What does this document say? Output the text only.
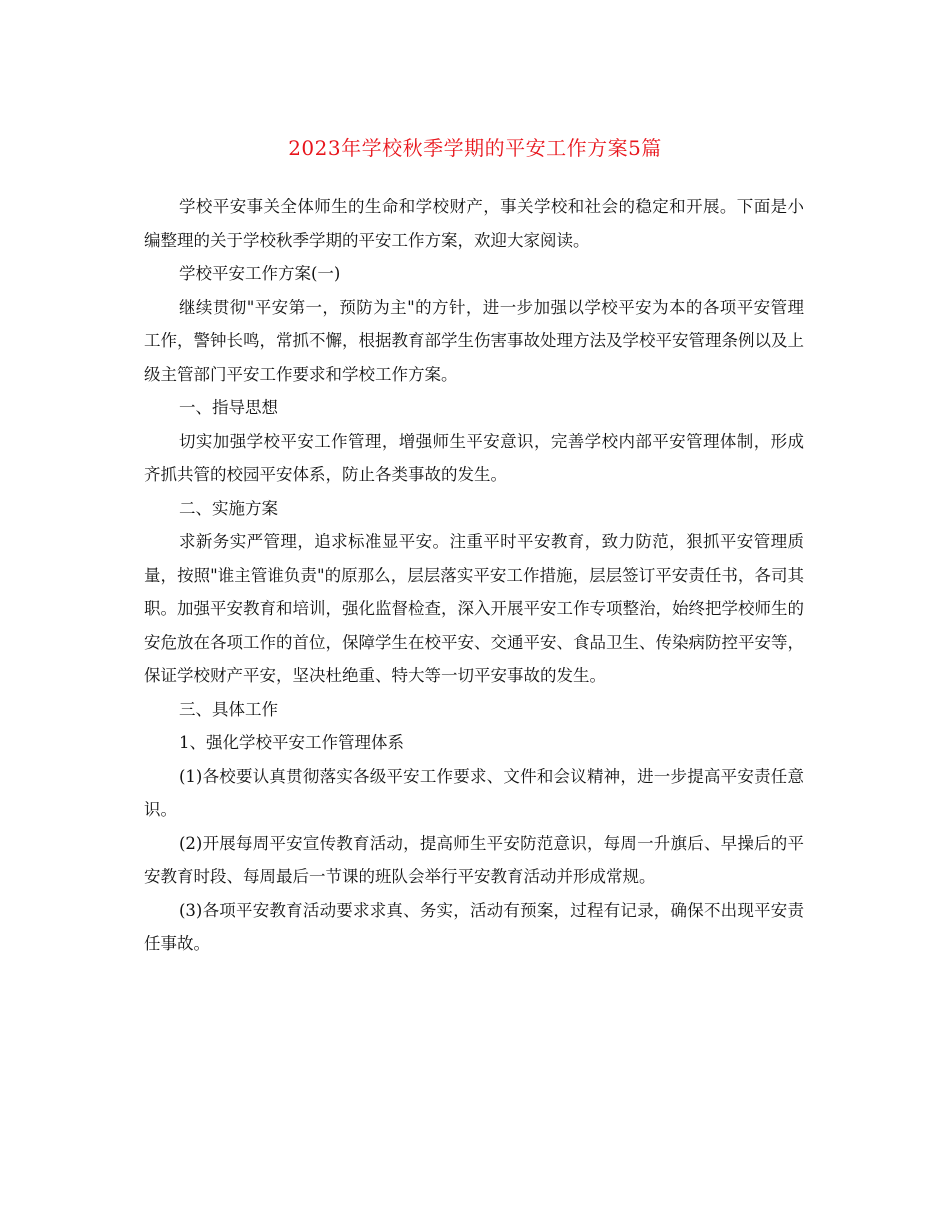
2023年学校秋季学期的平安工作方案5篇

学校平安事关全体师生的生命和学校财产，事关学校和社会的稳定和开展。下面是小编整理的关于学校秋季学期的平安工作方案，欢迎大家阅读。

学校平安工作方案(一)

继续贯彻"平安第一，预防为主"的方针，进一步加强以学校平安为本的各项平安管理工作，警钟长鸣，常抓不懈，根据教育部学生伤害事故处理方法及学校平安管理条例以及上级主管部门平安工作要求和学校工作方案。

一、指导思想

切实加强学校平安工作管理，增强师生平安意识，完善学校内部平安管理体制，形成齐抓共管的校园平安体系，防止各类事故的发生。

二、实施方案

求新务实严管理，追求标准显平安。注重平时平安教育，致力防范，狠抓平安管理质量，按照"谁主管谁负责"的原那么，层层落实平安工作措施，层层签订平安责任书，各司其职。加强平安教育和培训，强化监督检查，深入开展平安工作专项整治，始终把学校师生的安危放在各项工作的首位，保障学生在校平安、交通平安、食品卫生、传染病防控平安等，保证学校财产平安，坚决杜绝重、特大等一切平安事故的发生。

三、具体工作

1、强化学校平安工作管理体系

(1)各校要认真贯彻落实各级平安工作要求、文件和会议精神，进一步提高平安责任意识。

(2)开展每周平安宣传教育活动，提高师生平安防范意识，每周一升旗后、早操后的平安教育时段、每周最后一节课的班队会举行平安教育活动并形成常规。

(3)各项平安教育活动要求求真、务实，活动有预案，过程有记录，确保不出现平安责任事故。
